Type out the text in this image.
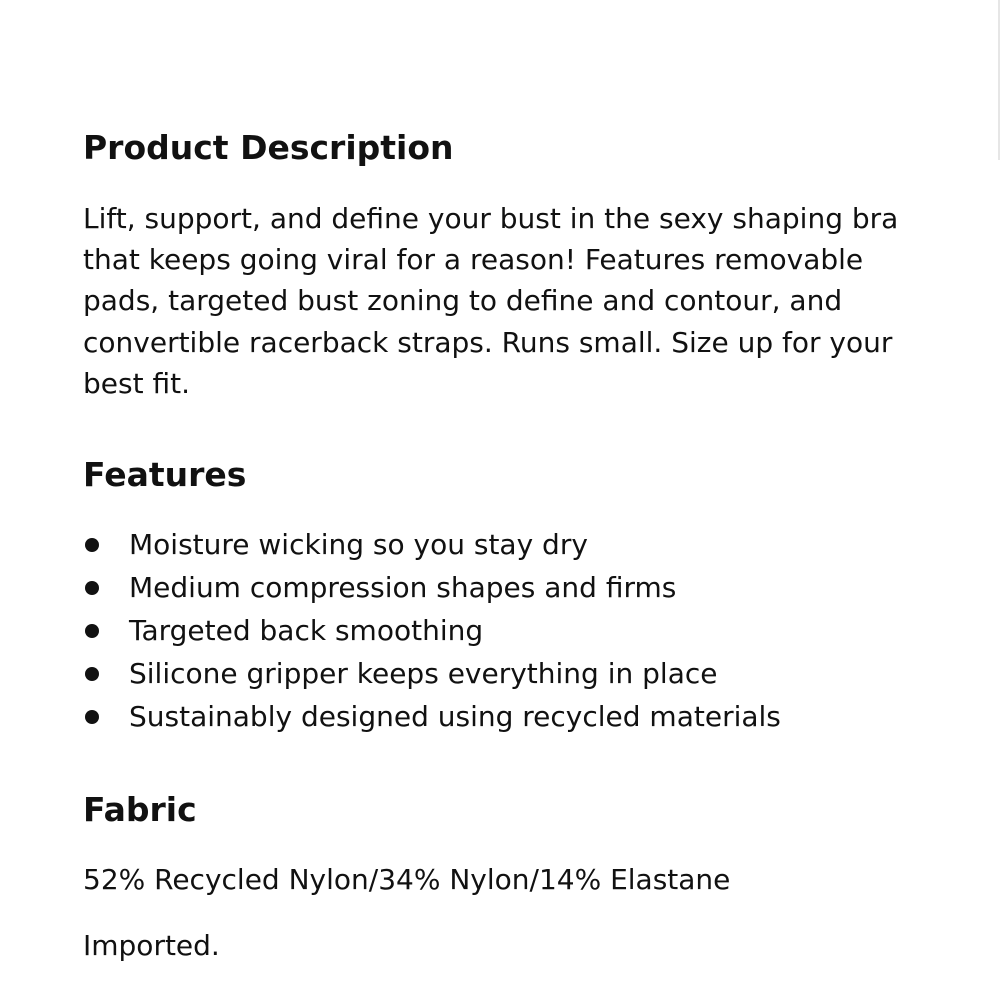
Product Description

Lift, support, and define your bust in the sexy shaping bra that keeps going viral for a reason! Features removable pads, targeted bust zoning to define and contour, and convertible racerback straps. Runs small. Size up for your best fit.

Features
Moisture wicking so you stay dry
Medium compression shapes and firms
Targeted back smoothing
Silicone gripper keeps everything in place
Sustainably designed using recycled materials
Fabric

52% Recycled Nylon/34% Nylon/14% Elastane

Imported.
